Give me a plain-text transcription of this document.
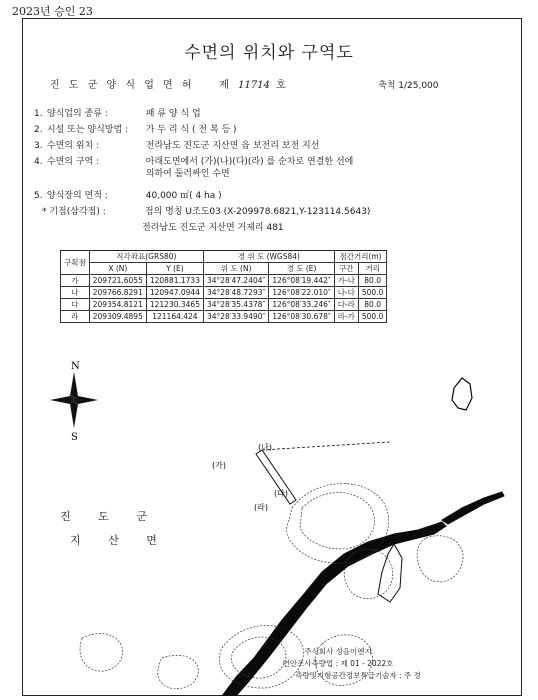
2023년 승인 23
수면의 위치와 구역도
진 도 군 양 식 업 면 허 제 11714 호	축척 1/25,000
1. 양식업의 종류 :	패 류 양 식 업
2. 시설 또는 양식방법 : 가 두 리 식 ( 전 복 등 )
3. 수면의 위치 :	전라남도 진도군 지산면 읍 보전리 보전 지선
4. 수면의 구역 :	아래도면에서 (가)(나)(다)(라) 를 순차로 연결한 선에
의하여 둘러싸인 수면
5. 양식장의 면적 :	40,000 ㎡( 4 ha )
* 기점(삼각점) :	점의 명칭 U조도03 (X-209978.6821,Y-123114.5643)
전라남도 진도군 지산면 거제리 481
구획점	직각좌표(GRS80)		경 위 도 (WGS84)		점간거리(m)	
	X (N)	Y (E)	위 도 (N)	경 도 (E)	구간	거리
가	209721.6055	120881.1733	34°28′47.2404″	126°08′19.442″	가-나	80.0
나	209766.8291	120947.0944	34°28′48.7293″	126°08′22.010″	나-다	500.0
다	209354.8121	121230.3465	34°28′35.4378″	126°08′33.246″	다-라	80.0
라	209309.4895	121164.424	34°28′33.9490″	126°08′30.678″	라-가	500.0
N
S
(가)
(나)
(다)
(라)
진 도 군
지 산 면
주식회사 성음이엔지
연안조사측량업 : 제 01 - 2022호
측량및지형공간정보특급기술자 : 주 정
